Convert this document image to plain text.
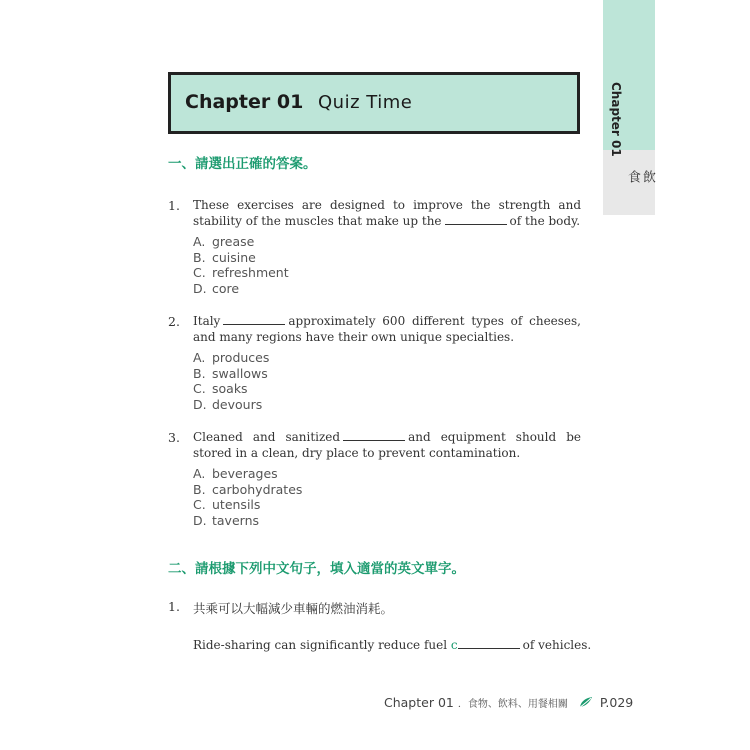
Chapter 01
飲
食
Chapter 01 Quiz Time
一、請選出正確的答案。
1. These exercises are designed to improve the strength and stability of the muscles that make up the	of the body.
A. grease
B. cuisine
C. refreshment
D. core
2. Italy	approximately 600 different types of cheeses, and many regions have their own unique specialties.
A. produces
B. swallows
C. soaks
D. devours
3. Cleaned and sanitized	and equipment should be stored in a clean, dry place to prevent contamination.
A. beverages
B. carbohydrates
C. utensils
D. taverns
二、請根據下列中文句子，填入適當的英文單字。
1. 共乘可以大幅減少車輛的燃油消耗。
Ride-sharing can significantly reduce fuel c	of vehicles.
Chapter 01 ．食物、飲料、用餐相關	P.029
